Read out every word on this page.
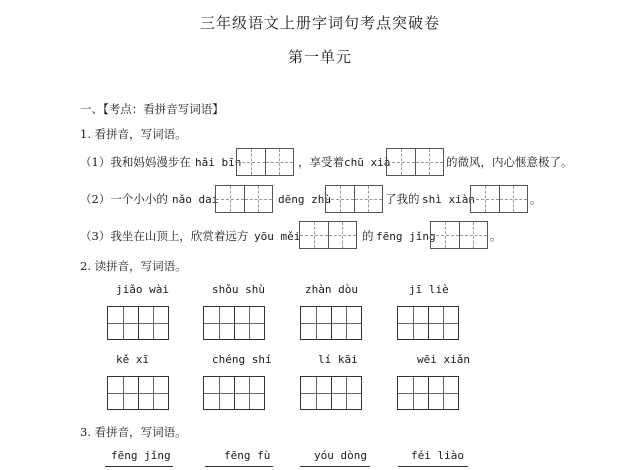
三年级语文上册字词句考点突破卷
第一单元
一、【考点：看拼音写词语】
1. 看拼音，写词语。
（1）我和妈妈漫步在 hǎi bīn	，享受着 chū xià	的微风，内心惬意极了。
（2）一个小小的 nǎo dai	dēng zhù	了我的 shì xiàn	。
（3）我坐在山顶上，欣赏着远方 yōu měi	的 fēng jǐng	。
2. 读拼音，写词语。
jiǎo wài	shǒu shù	zhàn dòu	jī liè
kě xī	chéng shí	lí kāi	wēi xiǎn
3. 看拼音，写词语。
fēng jǐng	fēng fù	yóu dòng	féi liào
